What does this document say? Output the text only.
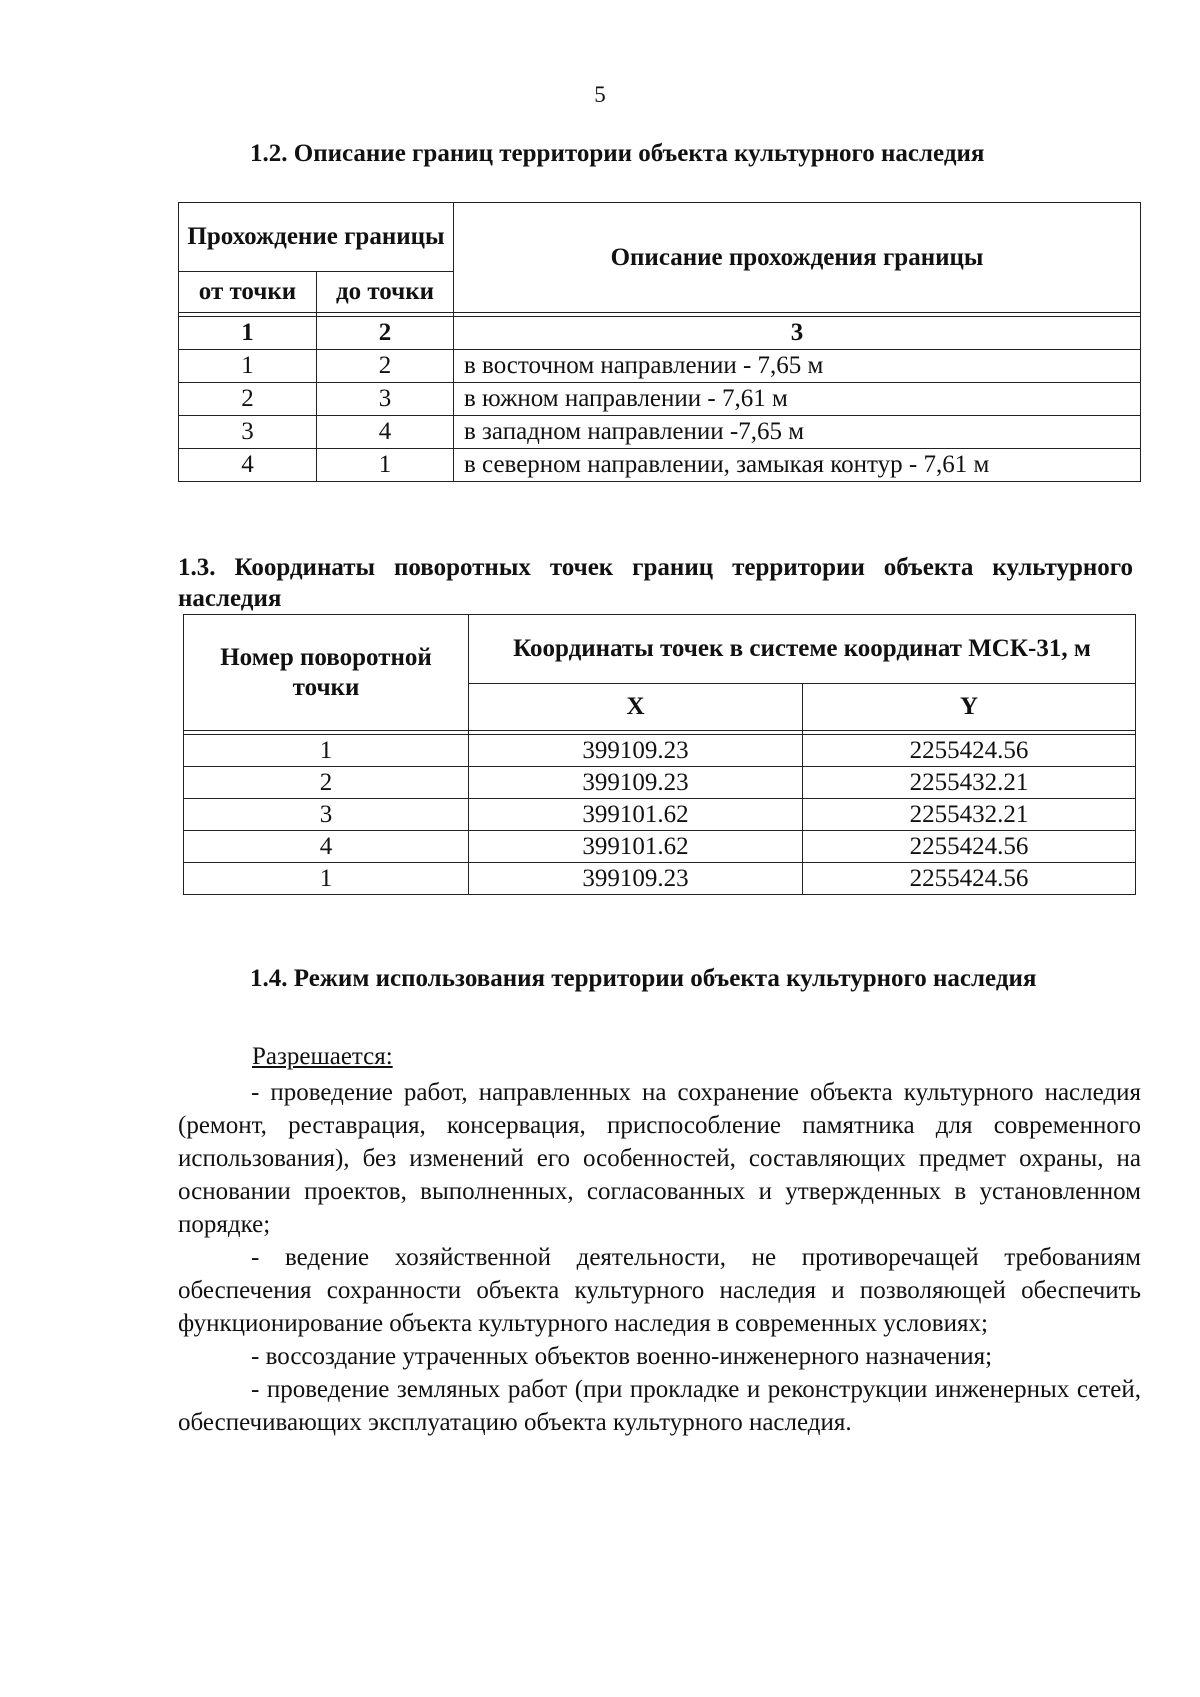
5
1.2. Описание границ территории объекта культурного наследия
Прохождение границы		Описание прохождения границы
от точки	до точки	

1	2	3
1	2	в восточном направлении - 7,65 м
2	3	в южном направлении - 7,61 м
3	4	в западном направлении -7,65 м
4	1	в северном направлении, замыкая контур - 7,61 м
1.3. Координаты поворотных точек границ территории объекта культурного наследия
Номер поворотной точки	Координаты точек в системе координат МСК-31, м	
	X	Y

1	399109.23	2255424.56
2	399109.23	2255432.21
3	399101.62	2255432.21
4	399101.62	2255424.56
1	399109.23	2255424.56
1.4. Режим использования территории объекта культурного наследия
Разрешается:

- проведение работ, направленных на сохранение объекта культурного наследия (ремонт, реставрация, консервация, приспособление памятника для современного использования), без изменений его особенностей, составляющих предмет охраны, на основании проектов, выполненных, согласованных и утвержденных в установленном порядке;

- ведение хозяйственной деятельности, не противоречащей требованиям обеспечения сохранности объекта культурного наследия и позволяющей обеспечить функционирование объекта культурного наследия в современных условиях;

- воссоздание утраченных объектов военно-инженерного назначения;

- проведение земляных работ (при прокладке и реконструкции инженерных сетей, обеспечивающих эксплуатацию объекта культурного наследия.
